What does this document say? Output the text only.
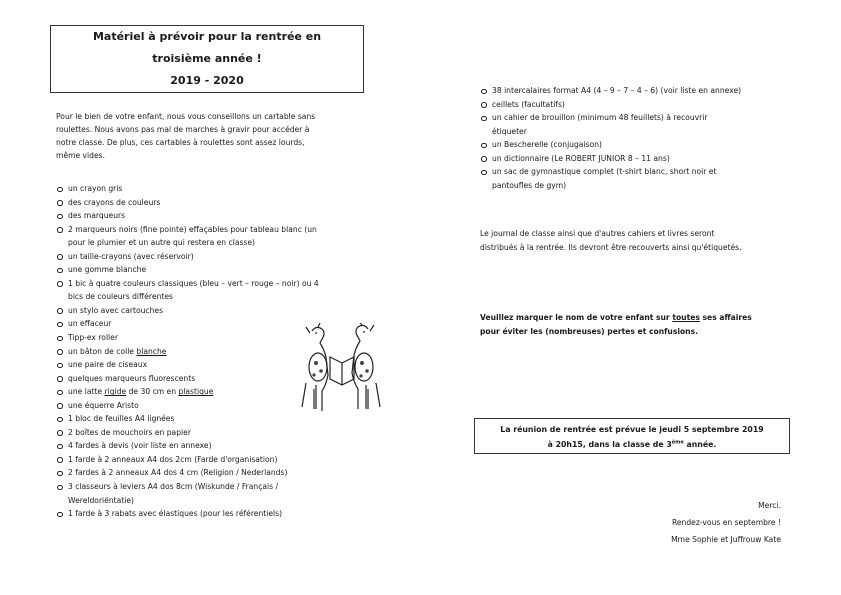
Matériel à prévoir pour la rentrée en
troisième année !
2019 - 2020

Pour le bien de votre enfant, nous vous conseillons un cartable sans
roulettes. Nous avons pas mal de marches à gravir pour accéder à
notre classe. De plus, ces cartables à roulettes sont assez lourds,
même vides.

un crayon gris
des crayons de couleurs
des marqueurs
2 marqueurs noirs (fine pointe) effaçables pour tableau blanc (un
pour le plumier et un autre qui restera en classe)
un taille-crayons (avec réservoir)
une gomme blanche
1 bic à quatre couleurs classiques (bleu – vert – rouge – noir) ou 4
bics de couleurs différentes
un stylo avec cartouches
un effaceur
Tipp-ex roller
un bâton de colle blanche
une paire de ciseaux
quelques marqueurs fluorescents
une latte rigide de 30 cm en plastique
une équerre Aristo
1 bloc de feuilles A4 lignées
2 boîtes de mouchoirs en papier
4 fardes à devis (voir liste en annexe)
1 farde à 2 anneaux A4 dos 2cm (Farde d'organisation)
2 fardes à 2 anneaux A4 dos 4 cm (Religion / Nederlands)
3 classeurs à leviers A4 dos 8cm (Wiskunde / Français /
Wereldoriëntatie)
1 farde à 3 rabats avec élastiques (pour les référentiels)
38 intercalaires format A4 (4 – 9 – 7 – 4 – 6) (voir liste en annexe)
ceillets (facultatifs)
un cahier de brouillon (minimum 48 feuillets) à recouvrir
étiqueter
un Bescherelle (conjugaison)
un dictionnaire (Le ROBERT JUNIOR 8 – 11 ans)
un sac de gymnastique complet (t-shirt blanc, short noir et
pantoufles de gym)

Le journal de classe ainsi que d'autres cahiers et livres seront
distribués à la rentrée. Ils devront être recouverts ainsi qu'étiquetés.

Veuillez marquer le nom de votre enfant sur toutes ses affaires
pour éviter les (nombreuses) pertes et confusions.

La réunion de rentrée est prévue le jeudi 5 septembre 2019
à 20h15, dans la classe de 3ème année.
Merci.
Rendez-vous en septembre !
Mme Sophie et Juffrouw Kate
